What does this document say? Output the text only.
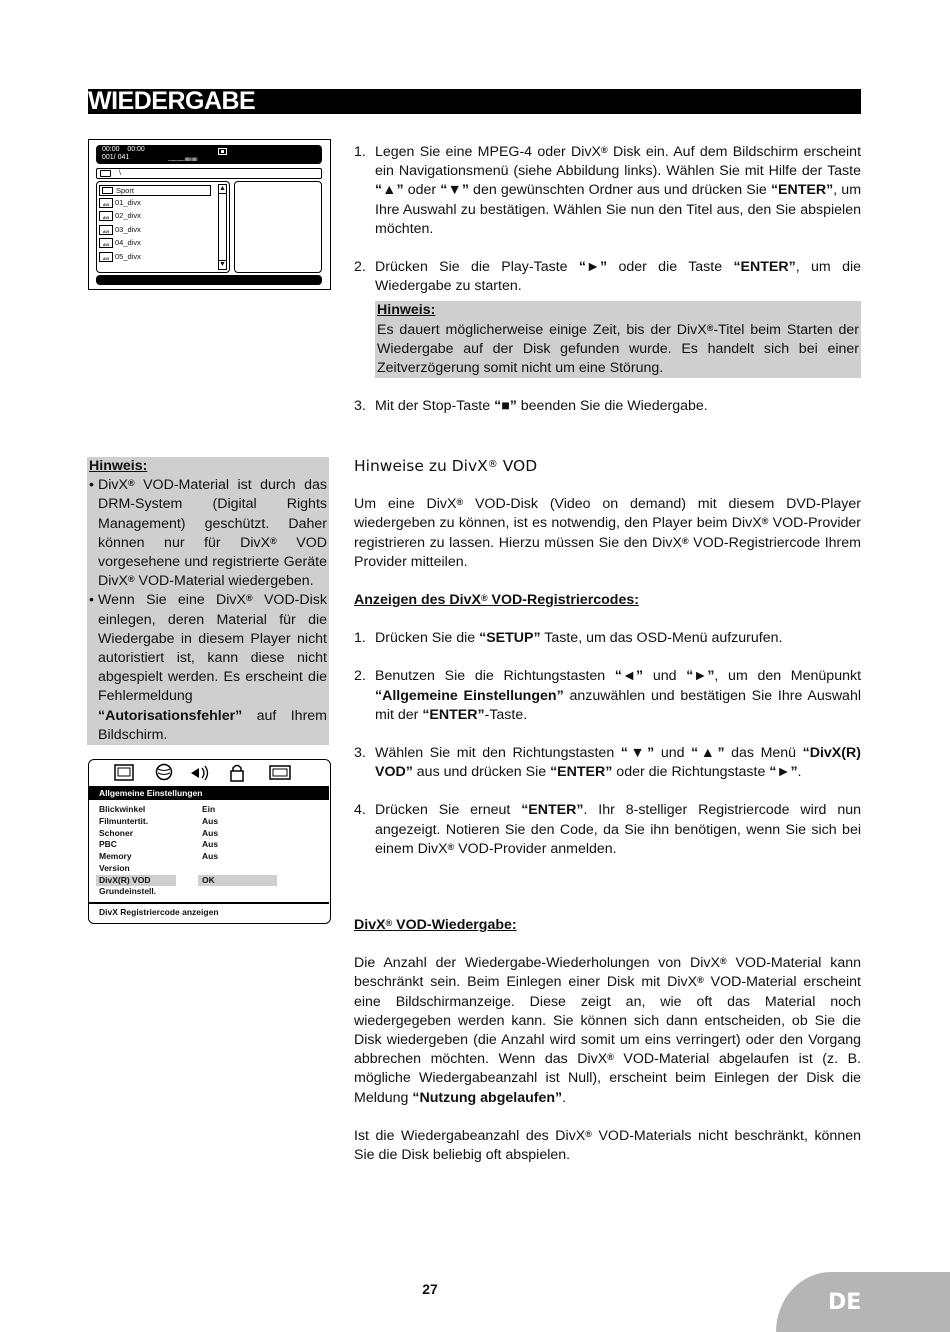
WIEDERGABE
00:00 00:00
001/ 041	..............ııııııııııı
\
Sport
AVI 01_divx
AVI 02_divx
AVI 03_divx
AVI 04_divx
AVI 05_divx
▲
▼
1. Legen Sie eine MPEG-4 oder DivX® Disk ein. Auf dem Bildschirm erscheint ein Navigationsmenü (siehe Abbildung links). Wählen Sie mit Hilfe der Taste “▲” oder “▼” den gewünschten Ordner aus und drücken Sie “ENTER”, um Ihre Auswahl zu bestätigen. Wählen Sie nun den Titel aus, den Sie abspielen möchten.
2. Drücken Sie die Play-Taste “►” oder die Taste “ENTER”, um die Wiedergabe zu starten.
Hinweis:
Es dauert möglicherweise einige Zeit, bis der DivX®-Titel beim Starten der Wiedergabe auf der Disk gefunden wurde. Es handelt sich bei einer Zeitverzögerung somit nicht um eine Störung.
3. Mit der Stop-Taste “■” beenden Sie die Wiedergabe.
Hinweis:
• DivX® VOD-Material ist durch das DRM-System (Digital Rights Management) geschützt. Daher können nur für DivX® VOD vorgesehene und registrierte Geräte DivX® VOD-Material wiedergeben.
• Wenn Sie eine DivX® VOD-Disk einlegen, deren Material für die Wiedergabe in diesem Player nicht autoristiert ist, kann diese nicht abgespielt werden. Es erscheint die Fehlermeldung “Autorisationsfehler” auf Ihrem Bildschirm.
Allgemeine Einstellungen
Blickwinkel
Filmuntertit.
Schoner
PBC
Memory
Version
DivX(R) VOD
Grundeinstell.
Ein
Aus
Aus
Aus
Aus
OK
DivX Registriercode anzeigen
Hinweise zu DivX® VOD
Um eine DivX® VOD-Disk (Video on demand) mit diesem DVD-Player wiedergeben zu können, ist es notwendig, den Player beim DivX® VOD-Provider registrieren zu lassen. Hierzu müssen Sie den DivX® VOD-Registriercode Ihrem Provider mitteilen.
Anzeigen des DivX® VOD-Registriercodes:
1. Drücken Sie die “SETUP” Taste, um das OSD-Menü aufzurufen.
2. Benutzen Sie die Richtungstasten “◄” und “►”, um den Menüpunkt “Allgemeine Einstellungen” anzuwählen und bestätigen Sie Ihre Auswahl mit der “ENTER”-Taste.
3. Wählen Sie mit den Richtungstasten “▼” und “▲” das Menü “DivX(R) VOD” aus und drücken Sie “ENTER” oder die Richtungstaste “►”.
4. Drücken Sie erneut “ENTER”. Ihr 8-stelliger Registriercode wird nun angezeigt. Notieren Sie den Code, da Sie ihn benötigen, wenn Sie sich bei einem DivX® VOD-Provider anmelden.
DivX® VOD-Wiedergabe:
Die Anzahl der Wiedergabe-Wiederholungen von DivX® VOD-Material kann beschränkt sein. Beim Einlegen einer Disk mit DivX® VOD-Material erscheint eine Bildschirmanzeige. Diese zeigt an, wie oft das Material noch wiedergegeben werden kann. Sie können sich dann entscheiden, ob Sie die Disk wiedergeben (die Anzahl wird somit um eins verringert) oder den Vorgang abbrechen möchten. Wenn das DivX® VOD-Material abgelaufen ist (z. B. mögliche Wiedergabeanzahl ist Null), erscheint beim Einlegen der Disk die Meldung “Nutzung abgelaufen”.
Ist die Wiedergabeanzahl des DivX® VOD-Materials nicht beschränkt, können Sie die Disk beliebig oft abspielen.
27
DE
